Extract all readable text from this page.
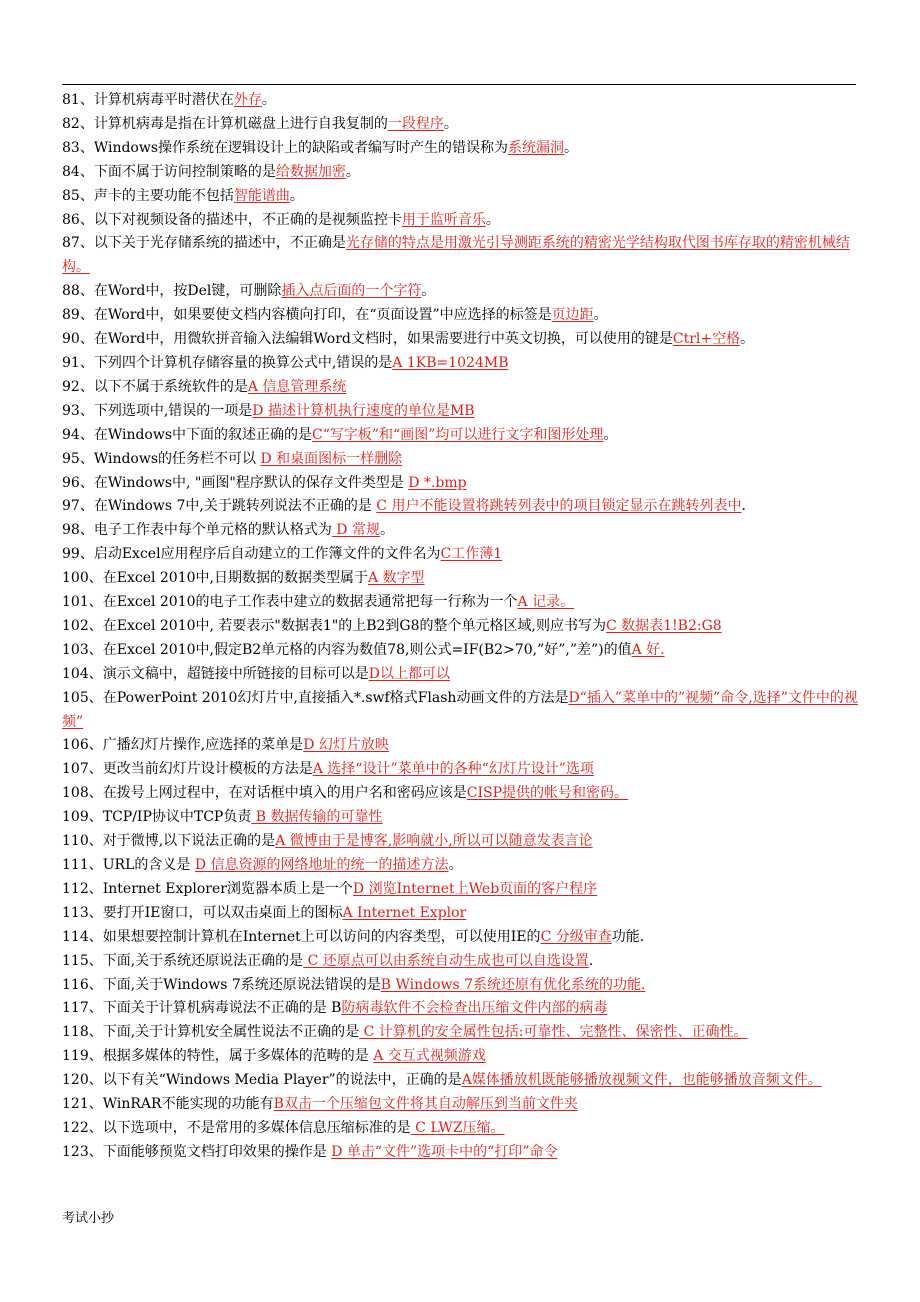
81、计算机病毒平时潜伏在外存。
82、计算机病毒是指在计算机磁盘上进行自我复制的一段程序。
83、Windows操作系统在逻辑设计上的缺陷或者编写时产生的错误称为系统漏洞。
84、下面不属于访问控制策略的是给数据加密。
85、声卡的主要功能不包括智能谱曲。
86、以下对视频设备的描述中，不正确的是视频监控卡用于监听音乐。
87、以下关于光存储系统的描述中，不正确是光存储的特点是用激光引导测距系统的精密光学结构取代图书库存取的精密机械结构。
88、在Word中，按Del键，可删除插入点后面的一个字符。
89、在Word中，如果要使文档内容横向打印，在“页面设置”中应选择的标签是页边距。
90、在Word中，用微软拼音输入法编辑Word文档时，如果需要进行中英文切换，可以使用的键是Ctrl+空格。
91、下列四个计算机存储容量的换算公式中,错误的是A 1KB=1024MB
92、以下不属于系统软件的是A 信息管理系统
93、下列选项中,错误的一项是D 描述计算机执行速度的单位是MB
94、在Windows中下面的叙述正确的是C“写字板”和“画图”均可以进行文字和图形处理。
95、Windows的任务栏不可以 D 和桌面图标一样删除
96、在Windows中, "画图"程序默认的保存文件类型是 D *.bmp
97、在Windows 7中,关于跳转列说法不正确的是 C 用户不能设置将跳转列表中的项目锁定显示在跳转列表中.
98、电子工作表中每个单元格的默认格式为 D 常规。
99、启动Excel应用程序后自动建立的工作簿文件的文件名为C工作薄1
100、在Excel 2010中,日期数据的数据类型属于A 数字型
101、在Excel 2010的电子工作表中建立的数据表通常把每一行称为一个A 记录。
102、在Excel 2010中, 若要表示"数据表1"的上B2到G8的整个单元格区域,则应书写为C 数据表1!B2:G8
103、在Excel 2010中,假定B2单元格的内容为数值78,则公式=IF(B2>70,”好”,”差”)的值A 好.
104、演示文稿中，超链接中所链接的目标可以是D以上都可以
105、在PowerPoint 2010幻灯片中,直接插入*.swf格式Flash动画文件的方法是D“插入”菜单中的”视频”命令,选择”文件中的视频”
106、广播幻灯片操作,应选择的菜单是D 幻灯片放映
107、更改当前幻灯片设计模板的方法是A 选择“设计”菜单中的各种“幻灯片设计”选项
108、在拨号上网过程中，在对话框中填入的用户名和密码应该是CISP提供的帐号和密码。
109、TCP/IP协议中TCP负责 B 数据传输的可靠性
110、对于微博,以下说法正确的是A 微博由于是博客,影响就小,所以可以随意发表言论
111、URL的含义是 D 信息资源的网络地址的统一的描述方法。
112、Internet Explorer浏览器本质上是一个D 浏览Internet上Web页面的客户程序
113、要打开IE窗口，可以双击桌面上的图标A Internet Explor
114、如果想要控制计算机在Internet上可以访问的内容类型，可以使用IE的C 分级审查功能.
115、下面,关于系统还原说法正确的是 C 还原点可以由系统自动生成也可以自选设置.
116、下面,关于Windows 7系统还原说法错误的是B Windows 7系统还原有优化系统的功能.
117、下面关于计算机病毒说法不正确的是 B防病毒软件不会检查出压缩文件内部的病毒
118、下面,关于计算机安全属性说法不正确的是 C 计算机的安全属性包括:可靠性、完整性、保密性、正确性。
119、根据多媒体的特性，属于多媒体的范畴的是 A 交互式视频游戏
120、以下有关“Windows Media Player”的说法中，正确的是A媒体播放机既能够播放视频文件，也能够播放音频文件。
121、WinRAR不能实现的功能有B双击一个压缩包文件将其自动解压到当前文件夹
122、以下选项中，不是常用的多媒体信息压缩标准的是 C LWZ压缩。
123、下面能够预览文档打印效果的操作是 D 单击“文件”选项卡中的“打印”命令
考试小抄
